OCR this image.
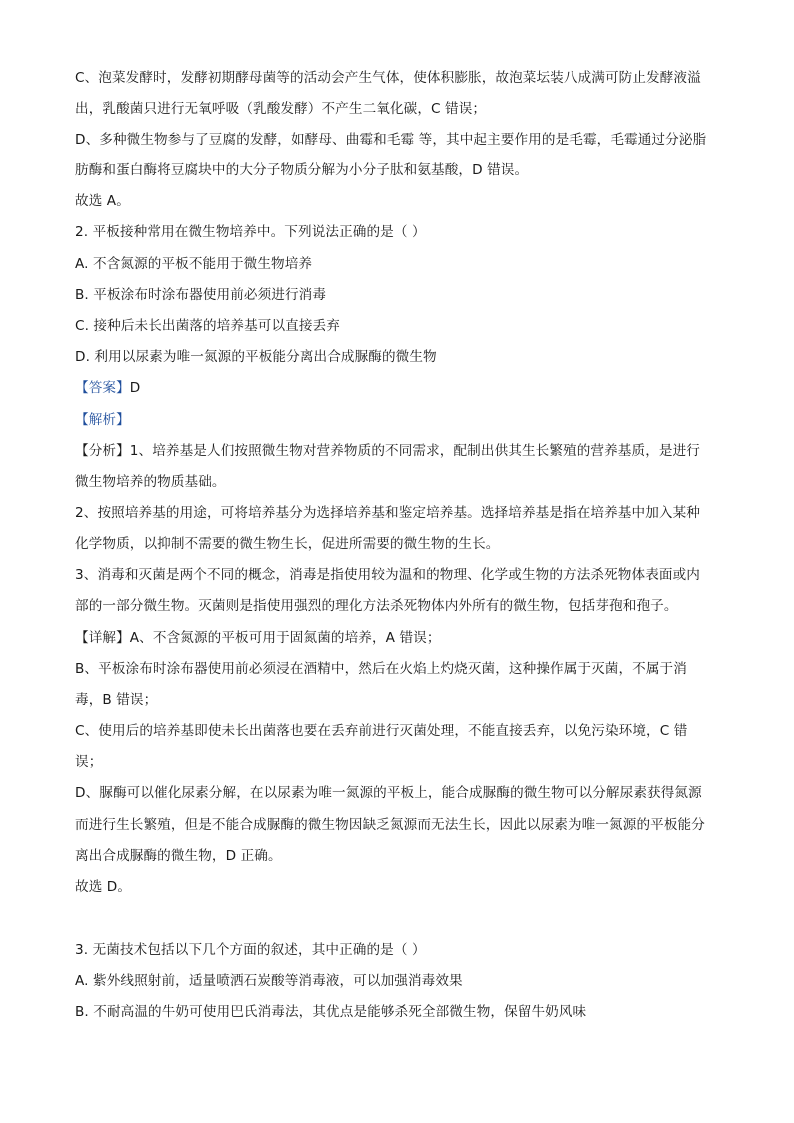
C、泡菜发酵时，发酵初期酵母菌等的活动会产生气体，使体积膨胀，故泡菜坛装八成满可防止发酵液溢
出，乳酸菌只进行无氧呼吸（乳酸发酵）不产生二氧化碳，C 错误；
D、多种微生物参与了豆腐的发酵，如酵母、曲霉和毛霉 等，其中起主要作用的是毛霉，毛霉通过分泌脂
肪酶和蛋白酶将豆腐块中的大分子物质分解为小分子肽和氨基酸，D 错误。
故选 A。
2. 平板接种常用在微生物培养中。下列说法正确的是（ ）
A. 不含氮源的平板不能用于微生物培养
B. 平板涂布时涂布器使用前必须进行消毒
C. 接种后未长出菌落的培养基可以直接丢弃
D. 利用以尿素为唯一氮源的平板能分离出合成脲酶的微生物
【答案】D
【解析】
【分析】1、培养基是人们按照微生物对营养物质的不同需求，配制出供其生长繁殖的营养基质，是进行
微生物培养的物质基础。
2、按照培养基的用途，可将培养基分为选择培养基和鉴定培养基。选择培养基是指在培养基中加入某种
化学物质，以抑制不需要的微生物生长，促进所需要的微生物的生长。
3、消毒和灭菌是两个不同的概念，消毒是指使用较为温和的物理、化学或生物的方法杀死物体表面或内
部的一部分微生物。灭菌则是指使用强烈的理化方法杀死物体内外所有的微生物，包括芽孢和孢子。
【详解】A、不含氮源的平板可用于固氮菌的培养，A 错误；
B、平板涂布时涂布器使用前必须浸在酒精中，然后在火焰上灼烧灭菌，这种操作属于灭菌，不属于消
毒，B 错误；
C、使用后的培养基即使未长出菌落也要在丢弃前进行灭菌处理，不能直接丢弃，以免污染环境，C 错
误；
D、脲酶可以催化尿素分解，在以尿素为唯一氮源的平板上，能合成脲酶的微生物可以分解尿素获得氮源
而进行生长繁殖，但是不能合成脲酶的微生物因缺乏氮源而无法生长，因此以尿素为唯一氮源的平板能分
离出合成脲酶的微生物，D 正确。
故选 D。
3. 无菌技术包括以下几个方面的叙述，其中正确的是（ ）
A. 紫外线照射前，适量喷洒石炭酸等消毒液，可以加强消毒效果
B. 不耐高温的牛奶可使用巴氏消毒法，其优点是能够杀死全部微生物，保留牛奶风味
